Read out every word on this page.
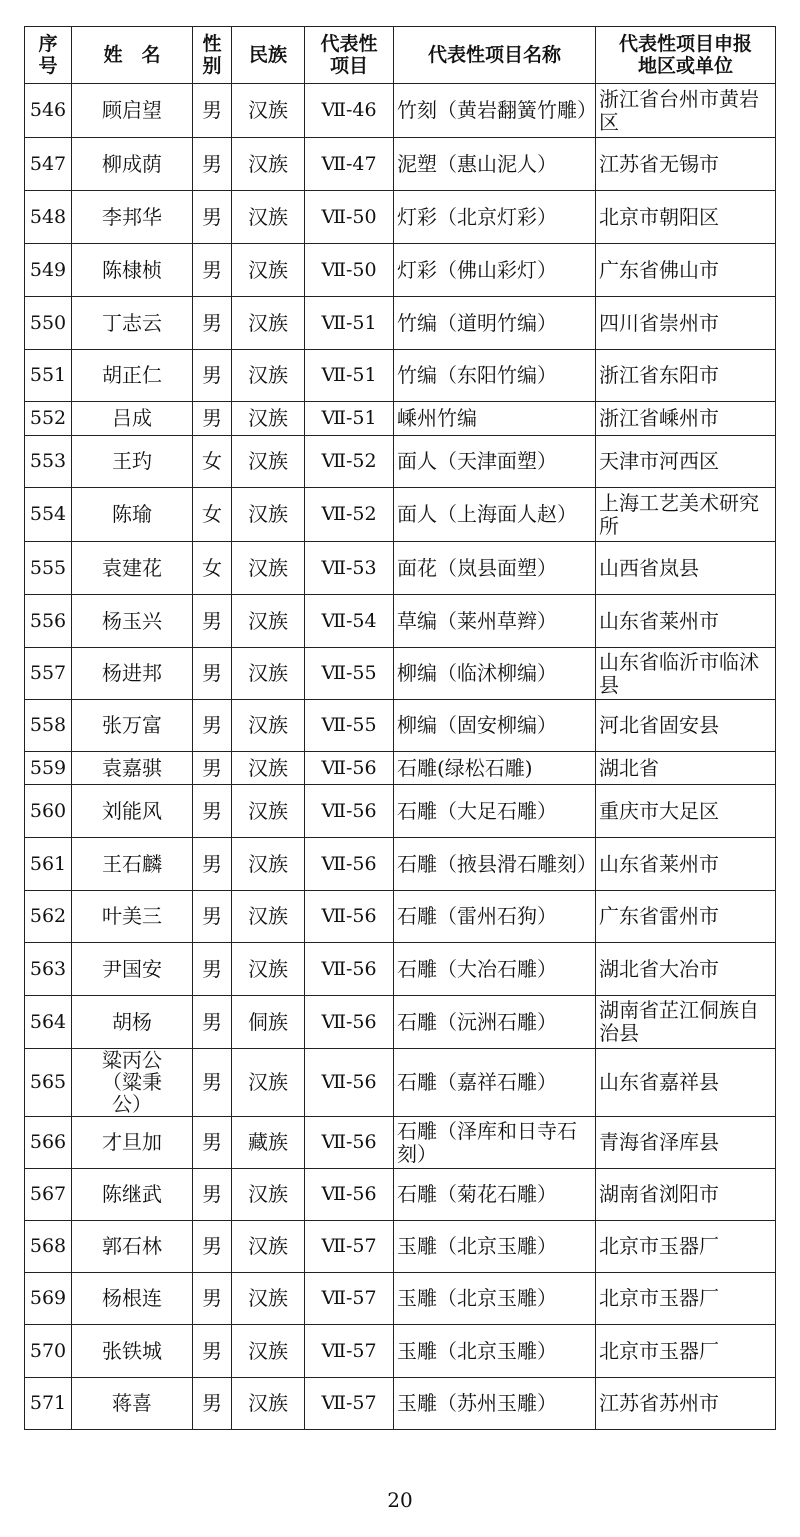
序号	姓　名	性别	民族	代表性项目	代表性项目名称	代表性项目申报地区或单位
546	顾启望	男	汉族	Ⅶ-46	竹刻（黄岩翻簧竹雕）	浙江省台州市黄岩区
547	柳成荫	男	汉族	Ⅶ-47	泥塑（惠山泥人）	江苏省无锡市
548	李邦华	男	汉族	Ⅶ-50	灯彩（北京灯彩）	北京市朝阳区
549	陈棣桢	男	汉族	Ⅶ-50	灯彩（佛山彩灯）	广东省佛山市
550	丁志云	男	汉族	Ⅶ-51	竹编（道明竹编）	四川省崇州市
551	胡正仁	男	汉族	Ⅶ-51	竹编（东阳竹编）	浙江省东阳市
552	吕成	男	汉族	Ⅶ-51	嵊州竹编	浙江省嵊州市
553	王玓	女	汉族	Ⅶ-52	面人（天津面塑）	天津市河西区
554	陈瑜	女	汉族	Ⅶ-52	面人（上海面人赵）	上海工艺美术研究所
555	袁建花	女	汉族	Ⅶ-53	面花（岚县面塑）	山西省岚县
556	杨玉兴	男	汉族	Ⅶ-54	草编（莱州草辫）	山东省莱州市
557	杨进邦	男	汉族	Ⅶ-55	柳编（临沭柳编）	山东省临沂市临沭县
558	张万富	男	汉族	Ⅶ-55	柳编（固安柳编）	河北省固安县
559	袁嘉骐	男	汉族	Ⅶ-56	石雕(绿松石雕)	湖北省
560	刘能风	男	汉族	Ⅶ-56	石雕（大足石雕）	重庆市大足区
561	王石麟	男	汉族	Ⅶ-56	石雕（掖县滑石雕刻）	山东省莱州市
562	叶美三	男	汉族	Ⅶ-56	石雕（雷州石狗）	广东省雷州市
563	尹国安	男	汉族	Ⅶ-56	石雕（大冶石雕）	湖北省大冶市
564	胡杨	男	侗族	Ⅶ-56	石雕（沅洲石雕）	湖南省芷江侗族自治县
565	粱丙公（粱秉公）	男	汉族	Ⅶ-56	石雕（嘉祥石雕）	山东省嘉祥县
566	才旦加	男	藏族	Ⅶ-56	石雕（泽库和日寺石刻）	青海省泽库县
567	陈继武	男	汉族	Ⅶ-56	石雕（菊花石雕）	湖南省浏阳市
568	郭石林	男	汉族	Ⅶ-57	玉雕（北京玉雕）	北京市玉器厂
569	杨根连	男	汉族	Ⅶ-57	玉雕（北京玉雕）	北京市玉器厂
570	张铁城	男	汉族	Ⅶ-57	玉雕（北京玉雕）	北京市玉器厂
571	蒋喜	男	汉族	Ⅶ-57	玉雕（苏州玉雕）	江苏省苏州市
20
